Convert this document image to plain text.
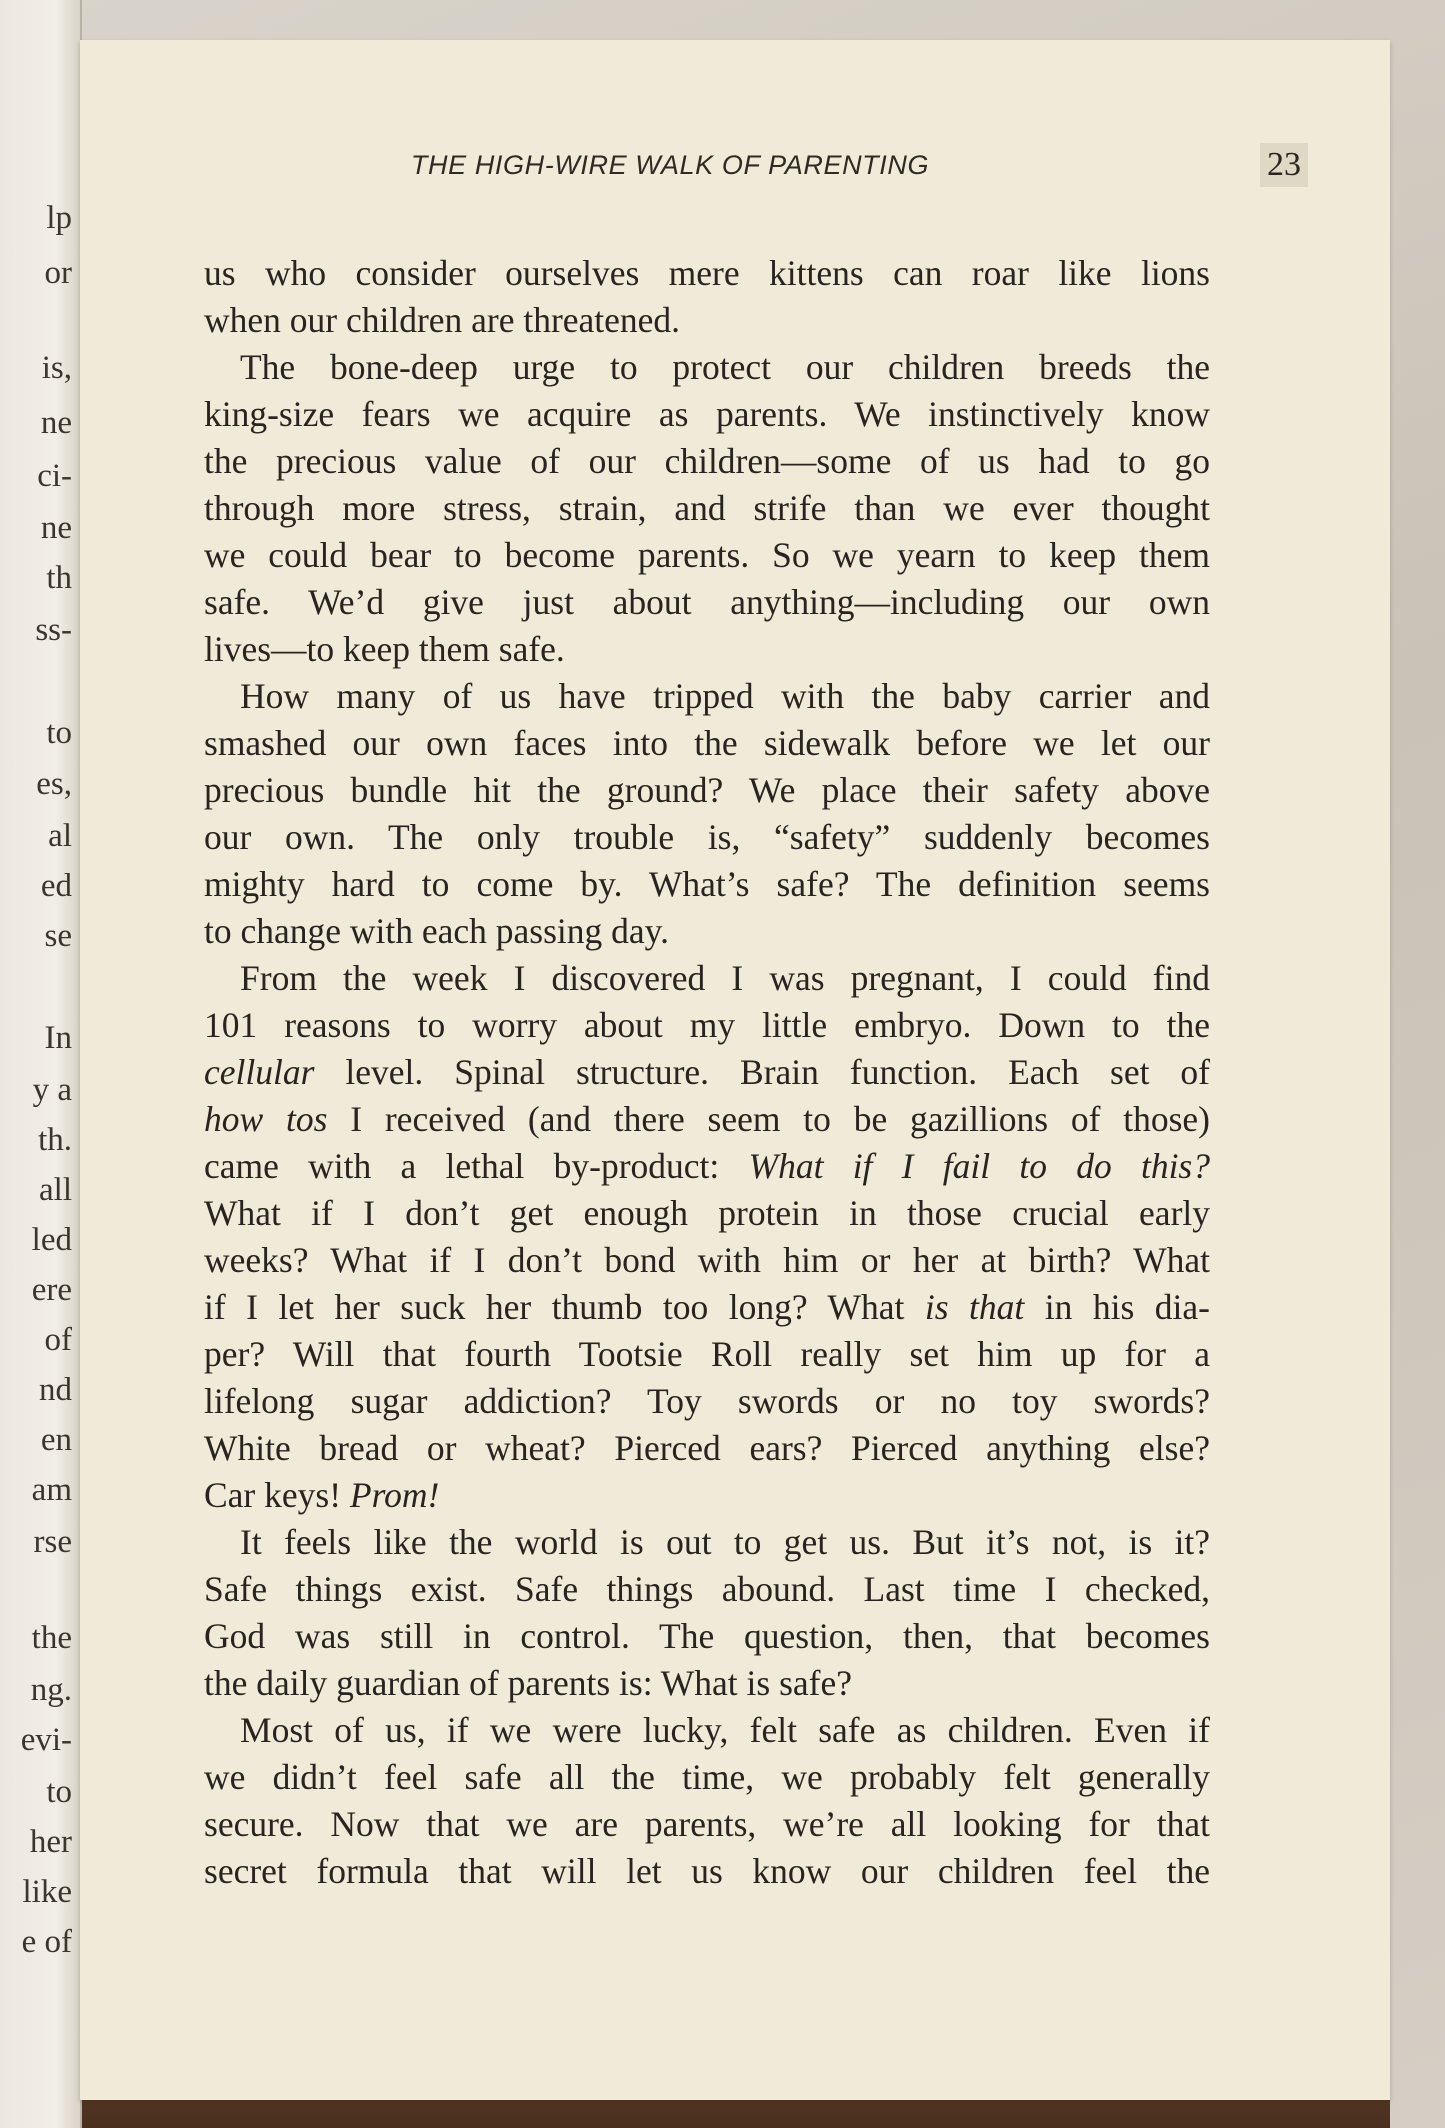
lp
or
is,
ne
ci-
ne
th
ss-
to
es,
al
ed
se
In
y a
th.
all
led
ere
of
nd
en
am
rse
the
ng.
evi-
to
her
like
e of
THE HIGH-WIRE WALK OF PARENTING	23

us who consider ourselves mere kittens can roar like lions

when our children are threatened.

The bone-deep urge to protect our children breeds the

king-size fears we acquire as parents. We instinctively know

the precious value of our children—some of us had to go

through more stress, strain, and strife than we ever thought

we could bear to become parents. So we yearn to keep them

safe. We’d give just about anything—including our own

lives—to keep them safe.

How many of us have tripped with the baby carrier and

smashed our own faces into the sidewalk before we let our

precious bundle hit the ground? We place their safety above

our own. The only trouble is, “safety” suddenly becomes

mighty hard to come by. What’s safe? The definition seems

to change with each passing day.

From the week I discovered I was pregnant, I could find

101 reasons to worry about my little embryo. Down to the

cellular level. Spinal structure. Brain function. Each set of

how tos I received (and there seem to be gazillions of those)

came with a lethal by-product: What if I fail to do this?

What if I don’t get enough protein in those crucial early

weeks? What if I don’t bond with him or her at birth? What

if I let her suck her thumb too long? What is that in his dia-

per? Will that fourth Tootsie Roll really set him up for a

lifelong sugar addiction? Toy swords or no toy swords?

White bread or wheat? Pierced ears? Pierced anything else?

Car keys! Prom!

It feels like the world is out to get us. But it’s not, is it?

Safe things exist. Safe things abound. Last time I checked,

God was still in control. The question, then, that becomes

the daily guardian of parents is: What is safe?

Most of us, if we were lucky, felt safe as children. Even if

we didn’t feel safe all the time, we probably felt generally

secure. Now that we are parents, we’re all looking for that

secret formula that will let us know our children feel the
